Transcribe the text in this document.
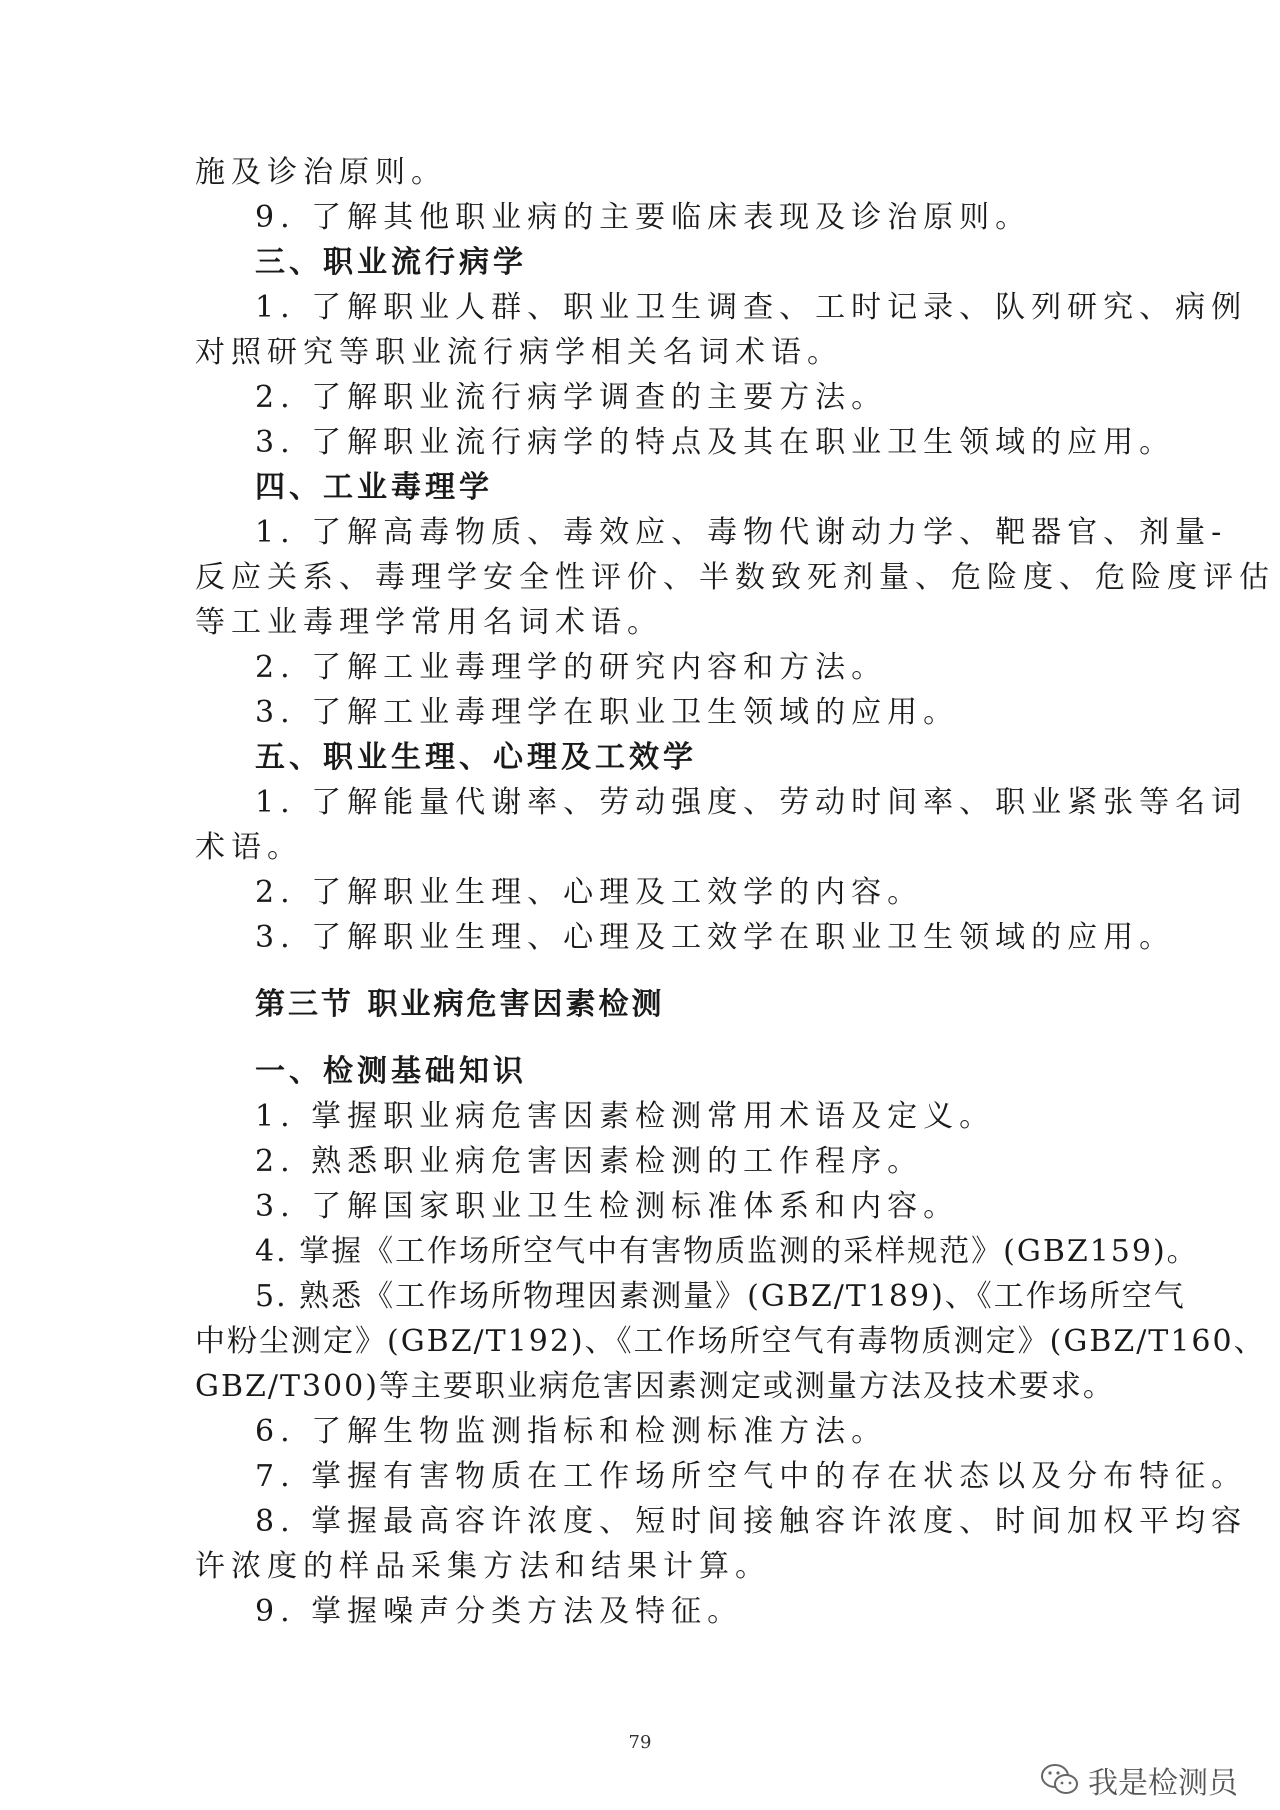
施及诊治原则。

9. 了解其他职业病的主要临床表现及诊治原则。

三、职业流行病学

1. 了解职业人群、职业卫生调查、工时记录、队列研究、病例

对照研究等职业流行病学相关名词术语。

2. 了解职业流行病学调查的主要方法。

3. 了解职业流行病学的特点及其在职业卫生领域的应用。

四、工业毒理学

1. 了解高毒物质、毒效应、毒物代谢动力学、靶器官、剂量-

反应关系、毒理学安全性评价、半数致死剂量、危险度、危险度评估

等工业毒理学常用名词术语。

2. 了解工业毒理学的研究内容和方法。

3. 了解工业毒理学在职业卫生领域的应用。

五、职业生理、心理及工效学

1. 了解能量代谢率、劳动强度、劳动时间率、职业紧张等名词

术语。

2. 了解职业生理、心理及工效学的内容。

3. 了解职业生理、心理及工效学在职业卫生领域的应用。

第三节 职业病危害因素检测

一、检测基础知识

1. 掌握职业病危害因素检测常用术语及定义。

2. 熟悉职业病危害因素检测的工作程序。

3. 了解国家职业卫生检测标准体系和内容。

4. 掌握《工作场所空气中有害物质监测的采样规范》(GBZ159)。

5. 熟悉《工作场所物理因素测量》(GBZ/T189)、《工作场所空气

中粉尘测定》(GBZ/T192)、《工作场所空气有毒物质测定》(GBZ/T160、

GBZ/T300)等主要职业病危害因素测定或测量方法及技术要求。

6. 了解生物监测指标和检测标准方法。

7. 掌握有害物质在工作场所空气中的存在状态以及分布特征。

8. 掌握最高容许浓度、短时间接触容许浓度、时间加权平均容

许浓度的样品采集方法和结果计算。

9. 掌握噪声分类方法及特征。

79
我是检测员
